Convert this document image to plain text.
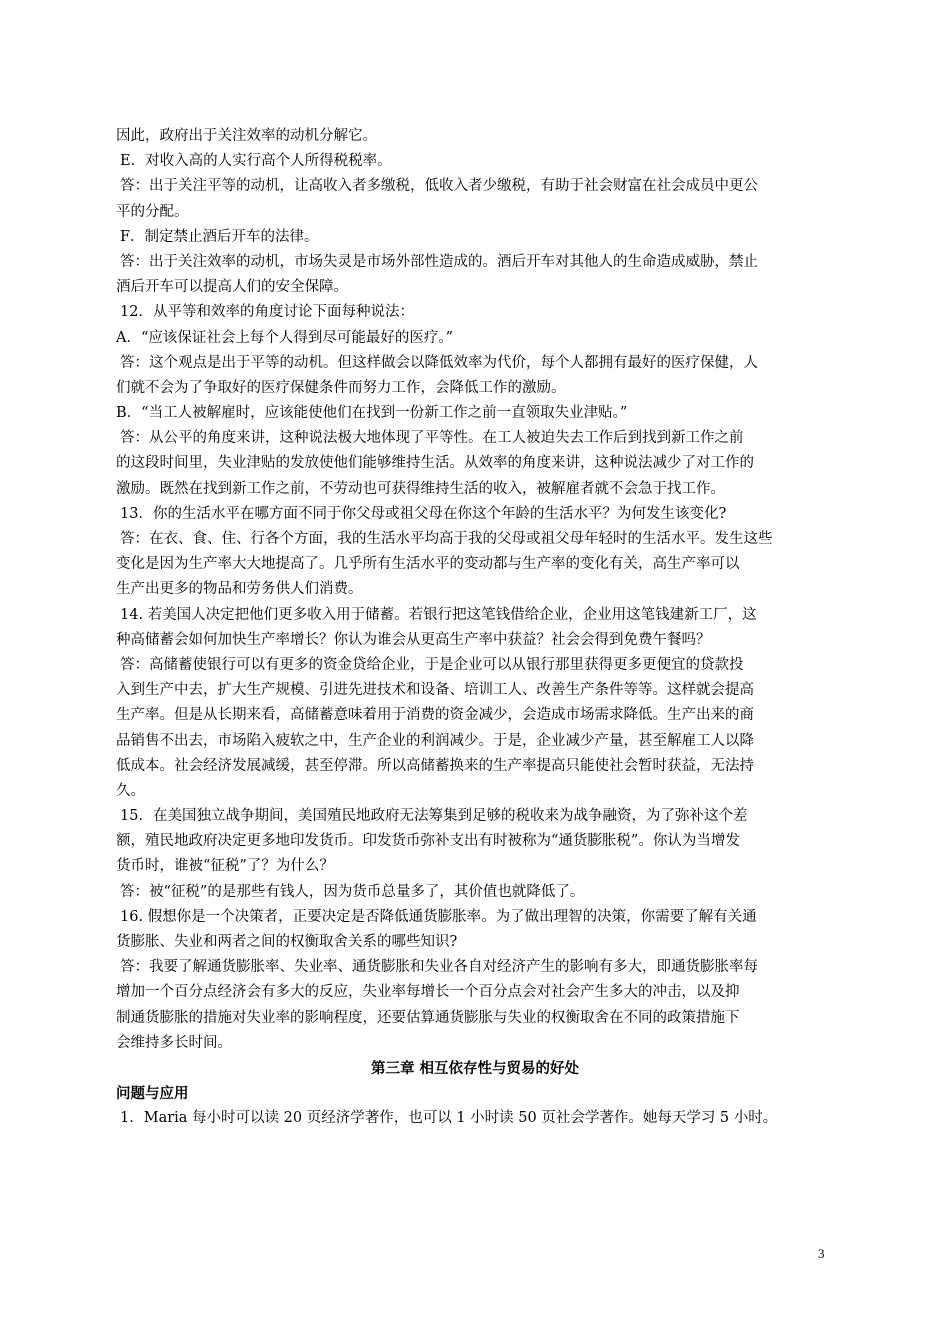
因此，政府出于关注效率的动机分解它。
E．对收入高的人实行高个人所得税税率。
答：出于关注平等的动机，让高收入者多缴税，低收入者少缴税，有助于社会财富在社会成员中更公
平的分配。
F．制定禁止酒后开车的法律。
答：出于关注效率的动机，市场失灵是市场外部性造成的。酒后开车对其他人的生命造成威胁，禁止
酒后开车可以提高人们的安全保障。
12．从平等和效率的角度讨论下面每种说法：
A．“应该保证社会上每个人得到尽可能最好的医疗。”
答：这个观点是出于平等的动机。但这样做会以降低效率为代价，每个人都拥有最好的医疗保健，人
们就不会为了争取好的医疗保健条件而努力工作，会降低工作的激励。
B．“当工人被解雇时，应该能使他们在找到一份新工作之前一直领取失业津贴。”
答：从公平的角度来讲，这种说法极大地体现了平等性。在工人被迫失去工作后到找到新工作之前
的这段时间里，失业津贴的发放使他们能够维持生活。从效率的角度来讲，这种说法减少了对工作的
激励。既然在找到新工作之前，不劳动也可获得维持生活的收入，被解雇者就不会急于找工作。
13．你的生活水平在哪方面不同于你父母或祖父母在你这个年龄的生活水平？为何发生该变化?
答：在衣、食、住、行各个方面，我的生活水平均高于我的父母或祖父母年轻时的生活水平。发生这些
变化是因为生产率大大地提高了。几乎所有生活水平的变动都与生产率的变化有关，高生产率可以
生产出更多的物品和劳务供人们消费。
14. 若美国人决定把他们更多收入用于储蓄。若银行把这笔钱借给企业，企业用这笔钱建新工厂，这
种高储蓄会如何加快生产率增长？你认为谁会从更高生产率中获益？社会会得到免费午餐吗？
答：高储蓄使银行可以有更多的资金贷给企业，于是企业可以从银行那里获得更多更便宜的贷款投
入到生产中去，扩大生产规模、引进先进技术和设备、培训工人、改善生产条件等等。这样就会提高
生产率。但是从长期来看，高储蓄意味着用于消费的资金减少，会造成市场需求降低。生产出来的商
品销售不出去，市场陷入疲软之中，生产企业的利润减少。于是，企业减少产量，甚至解雇工人以降
低成本。社会经济发展减缓，甚至停滞。所以高储蓄换来的生产率提高只能使社会暂时获益，无法持
久。
15．在美国独立战争期间，美国殖民地政府无法筹集到足够的税收来为战争融资，为了弥补这个差
额，殖民地政府决定更多地印发货币。印发货币弥补支出有时被称为“通货膨胀税”。你认为当增发
货币时，谁被“征税”了？为什么？
答：被“征税”的是那些有钱人，因为货币总量多了，其价值也就降低了。
16. 假想你是一个决策者，正要决定是否降低通货膨胀率。为了做出理智的决策，你需要了解有关通
货膨胀、失业和两者之间的权衡取舍关系的哪些知识?
答：我要了解通货膨胀率、失业率、通货膨胀和失业各自对经济产生的影响有多大，即通货膨胀率每
增加一个百分点经济会有多大的反应，失业率每增长一个百分点会对社会产生多大的冲击，以及抑
制通货膨胀的措施对失业率的影响程度，还要估算通货膨胀与失业的权衡取舍在不同的政策措施下
会维持多长时间。
第三章 相互依存性与贸易的好处
问题与应用
1．Maria 每小时可以读 20 页经济学著作，也可以 1 小时读 50 页社会学著作。她每天学习 5 小时。
3
